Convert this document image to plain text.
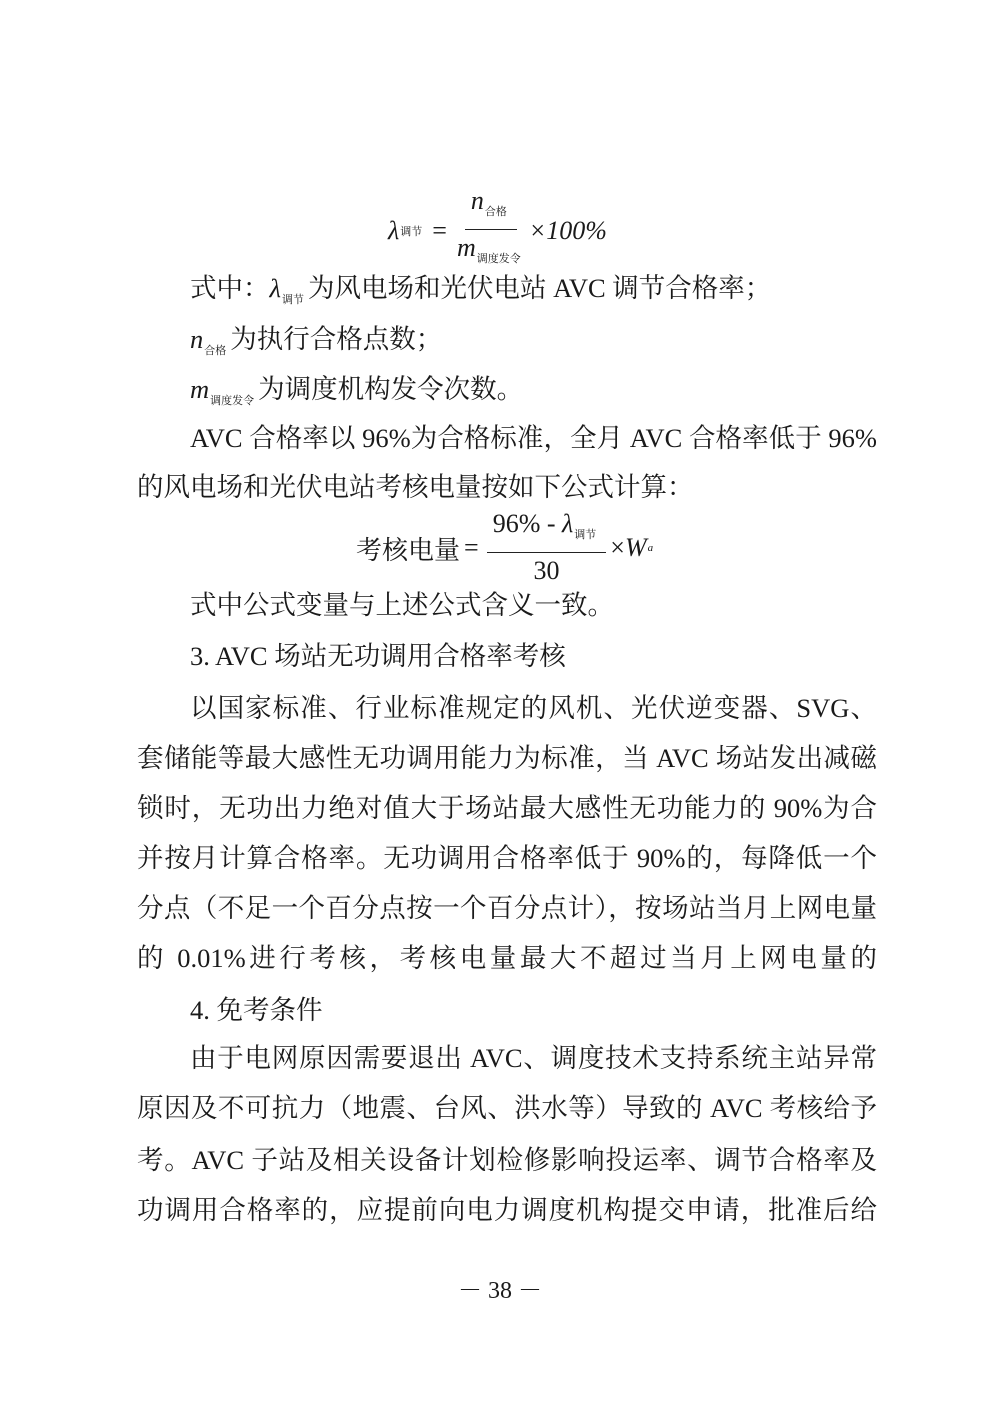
λ 调节 = $\frac{n_{合格}}{m_{调度发令}} \times 100\%$
式中：$\lambda_{调节}$ 为风电场和光伏电站 AVC 调节合格率；
$n_{合格}$ 为执行合格点数；
$m_{调度发令}$ 为调度机构发令次数。
AVC 合格率以 96%为合格标准，全月 AVC 合格率低于 96%
的风电场和光伏电站考核电量按如下公式计算：
考核电量 = $\frac{96\% - \lambda_{调节}}{30} \times W$ a
式中公式变量与上述公式含义一致。
3. AVC 场站无功调用合格率考核
以国家标准、行业标准规定的风机、光伏逆变器、SVG、
套储能等最大感性无功调用能力为标准，当 AVC 场站发出减磁
锁时，无功出力绝对值大于场站最大感性无功能力的 90%为合
并按月计算合格率。无功调用合格率低于 90%的，每降低一个
分点（不足一个百分点按一个百分点计），按场站当月上网电量
的 0.01%进行考核，考核电量最大不超过当月上网电量的
4. 免考条件
由于电网原因需要退出 AVC、调度技术支持系统主站异常
原因及不可抗力（地震、台风、洪水等）导致的 AVC 考核给予
考。AVC 子站及相关设备计划检修影响投运率、调节合格率及
功调用合格率的，应提前向电力调度机构提交申请，批准后给
－ 38 －
